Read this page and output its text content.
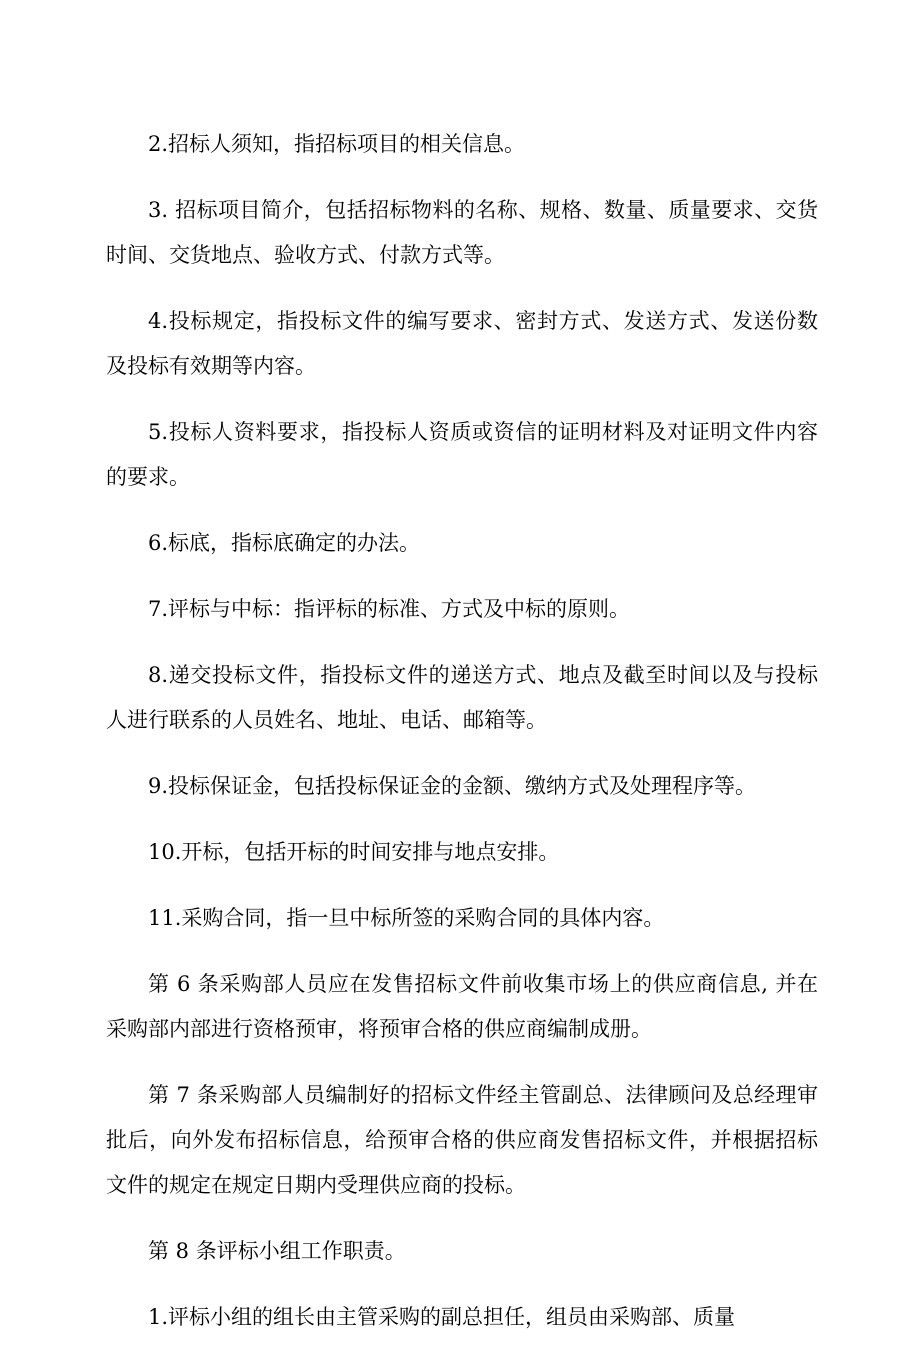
2.招标人须知，指招标项目的相关信息。

3. 招标项目简介，包括招标物料的名称、规格、数量、质量要求、交货时间、交货地点、验收方式、付款方式等。

4.投标规定，指投标文件的编写要求、密封方式、发送方式、发送份数及投标有效期等内容。

5.投标人资料要求，指投标人资质或资信的证明材料及对证明文件内容的要求。

6.标底，指标底确定的办法。

7.评标与中标：指评标的标准、方式及中标的原则。

8.递交投标文件，指投标文件的递送方式、地点及截至时间以及与投标人进行联系的人员姓名、地址、电话、邮箱等。

9.投标保证金，包括投标保证金的金额、缴纳方式及处理程序等。

10.开标，包括开标的时间安排与地点安排。

11.采购合同，指一旦中标所签的采购合同的具体内容。

第 6 条采购部人员应在发售招标文件前收集市场上的供应商信息, 并在采购部内部进行资格预审，将预审合格的供应商编制成册。

第 7 条采购部人员编制好的招标文件经主管副总、法律顾问及总经理审批后，向外发布招标信息，给预审合格的供应商发售招标文件，并根据招标文件的规定在规定日期内受理供应商的投标。

第 8 条评标小组工作职责。

1.评标小组的组长由主管采购的副总担任，组员由采购部、质量
